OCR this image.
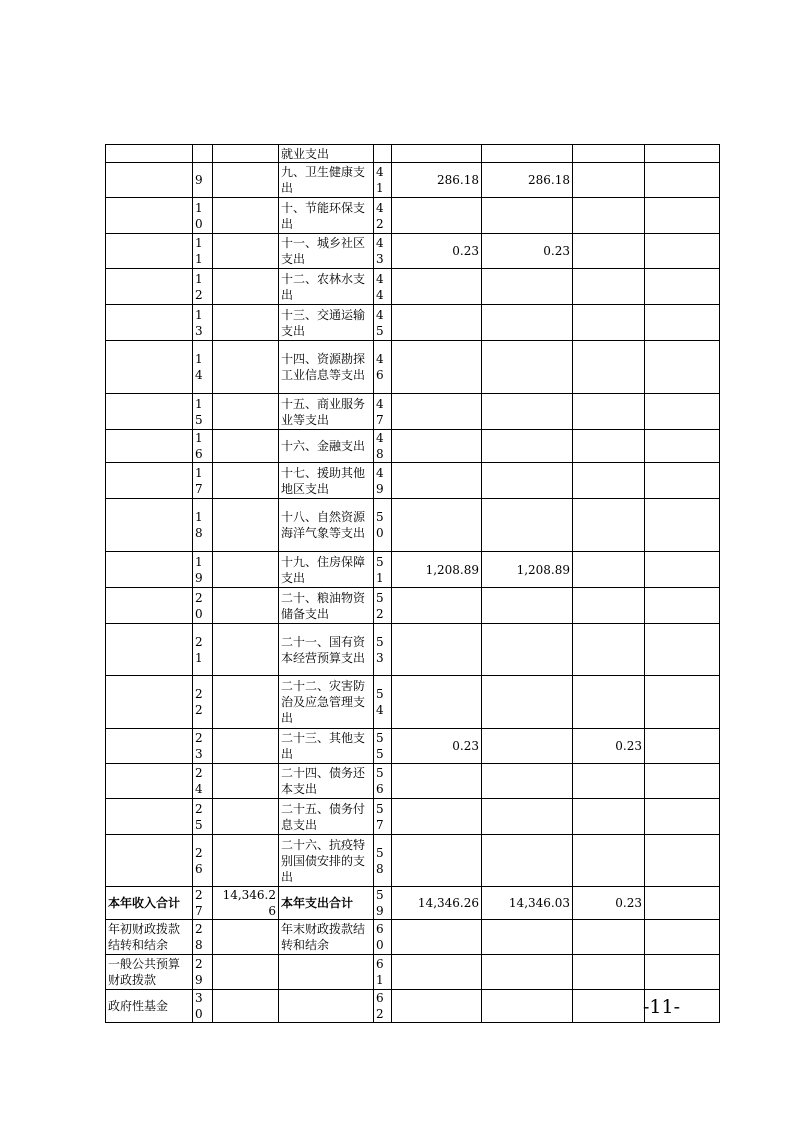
			就业支出					
	9		九、卫生健康支出	41	286.18	286.18		
	10		十、节能环保支出	42				
	11		十一、城乡社区支出	43	0.23	0.23		
	12		十二、农林水支出	44				
	13		十三、交通运输支出	45				
	14		十四、资源勘探工业信息等支出	46				
	15		十五、商业服务业等支出	47				
	16		十六、金融支出	48				
	17		十七、援助其他地区支出	49				
	18		十八、自然资源海洋气象等支出	50				
	19		十九、住房保障支出	51	1,208.89	1,208.89		
	20		二十、粮油物资储备支出	52				
	21		二十一、国有资本经营预算支出	53				
	22		二十二、灾害防治及应急管理支出	54				
	23		二十三、其他支出	55	0.23		0.23	
	24		二十四、债务还本支出	56				
	25		二十五、债务付息支出	57				
	26		二十六、抗疫特别国债安排的支出	58				
本年收入合计	27	14,346.26	本年支出合计	59	14,346.26	14,346.03	0.23	
年初财政拨款结转和结余	28		年末财政拨款结转和结余	60				
一般公共预算财政拨款	29			61				
政府性基金	30			62					-11-
